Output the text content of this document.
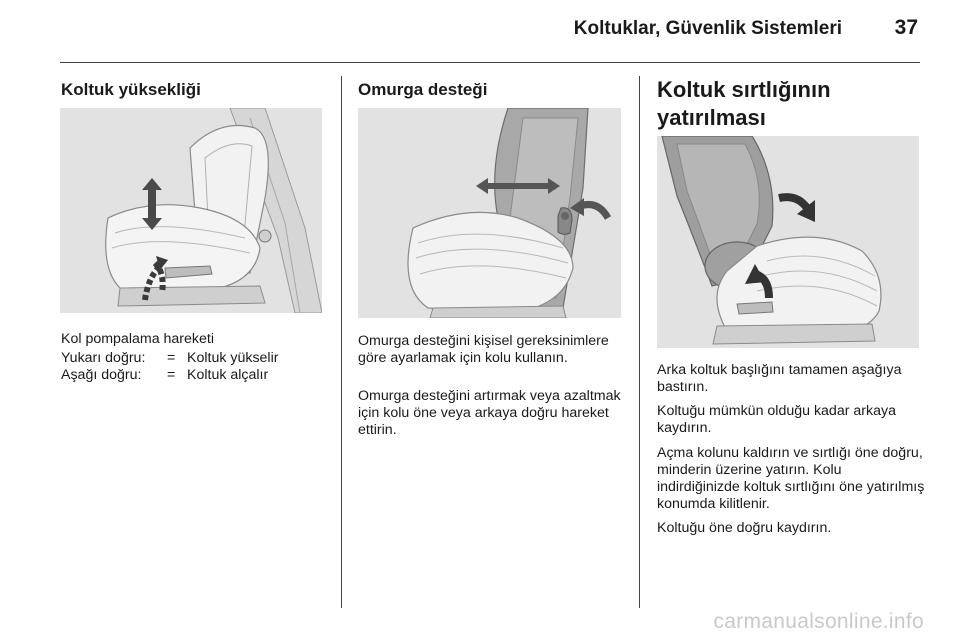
Koltuklar, Güvenlik Sistemleri	37
Koltuk yüksekliği
Kol pompalama hareketi
Yukarı doğru: = Koltuk yükselir
Aşağı doğru: = Koltuk alçalır
Omurga desteği
Omurga desteğini kişisel gereksinimlere göre ayarlamak için kolu kullanın.
Omurga desteğini artırmak veya azaltmak için kolu öne veya arkaya doğru hareket ettirin.
Koltuk sırtlığının
yatırılması
Arka koltuk başlığını tamamen aşağıya bastırın.
Koltuğu mümkün olduğu kadar arkaya kaydırın.
Açma kolunu kaldırın ve sırtlığı öne doğru, minderin üzerine yatırın. Kolu indirdiğinizde koltuk sırtlığını öne yatırılmış konumda kilitlenir.
Koltuğu öne doğru kaydırın.
carmanualsonline.info
